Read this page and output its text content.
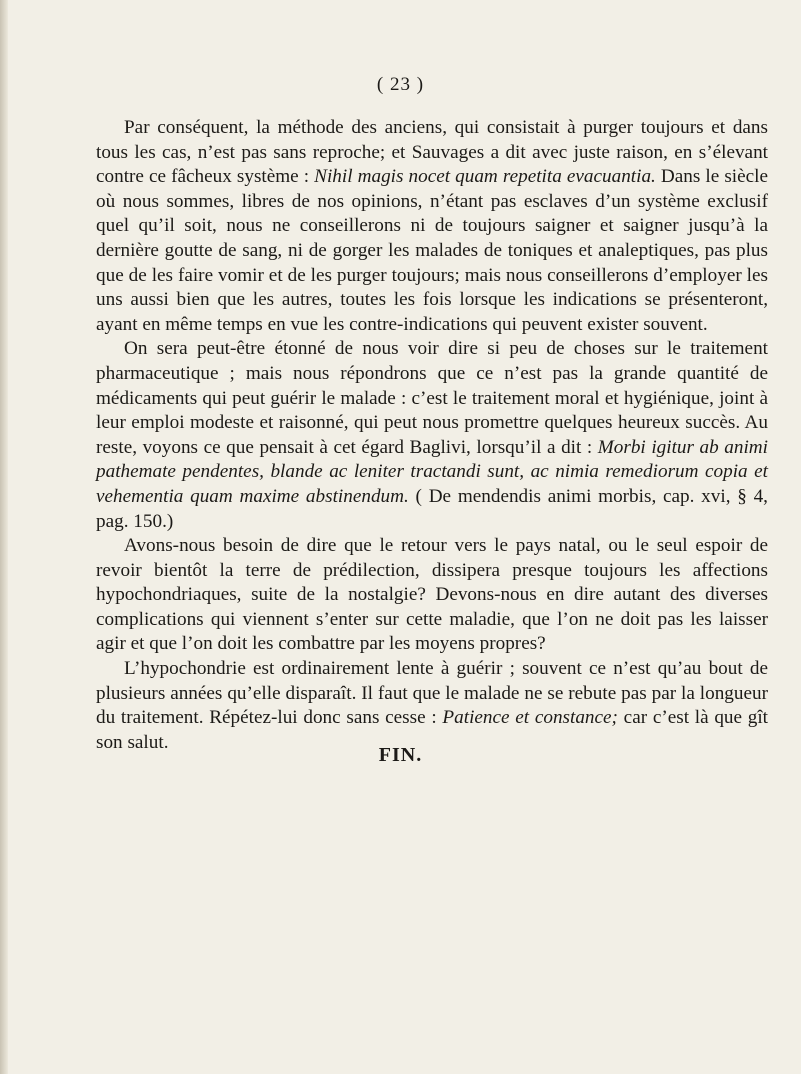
( 23 )

Par conséquent, la méthode des anciens, qui consistait à purger toujours et dans tous les cas, n’est pas sans reproche; et Sauvages a dit avec juste raison, en s’élevant contre ce fâcheux système : Nihil magis nocet quam repetita evacuantia. Dans le siècle où nous sommes, libres de nos opinions, n’étant pas esclaves d’un système exclusif quel qu’il soit, nous ne conseillerons ni de toujours saigner et saigner jusqu’à la dernière goutte de sang, ni de gorger les malades de toniques et analeptiques, pas plus que de les faire vomir et de les purger toujours; mais nous conseillerons d’employer les uns aussi bien que les autres, toutes les fois lorsque les indications se présenteront, ayant en même temps en vue les contre-indications qui peuvent exister souvent.

On sera peut-être étonné de nous voir dire si peu de choses sur le traitement pharmaceutique ; mais nous répondrons que ce n’est pas la grande quantité de médicaments qui peut guérir le malade : c’est le traitement moral et hygiénique, joint à leur emploi modeste et raisonné, qui peut nous promettre quelques heureux succès. Au reste, voyons ce que pensait à cet égard Baglivi, lorsqu’il a dit : Morbi igitur ab animi pathemate pendentes, blande ac leniter tractandi sunt, ac nimia remediorum copia et vehementia quam maxime abstinendum. ( De mendendis animi morbis, cap. xvi, § 4, pag. 150.)

Avons-nous besoin de dire que le retour vers le pays natal, ou le seul espoir de revoir bientôt la terre de prédilection, dissipera presque toujours les affections hypochondriaques, suite de la nostalgie? Devons-nous en dire autant des diverses complications qui viennent s’enter sur cette maladie, que l’on ne doit pas les laisser agir et que l’on doit les combattre par les moyens propres?

L’hypochondrie est ordinairement lente à guérir ; souvent ce n’est qu’au bout de plusieurs années qu’elle disparaît. Il faut que le malade ne se rebute pas par la longueur du traitement. Répétez-lui donc sans cesse : Patience et constance; car c’est là que gît son salut.

FIN.
